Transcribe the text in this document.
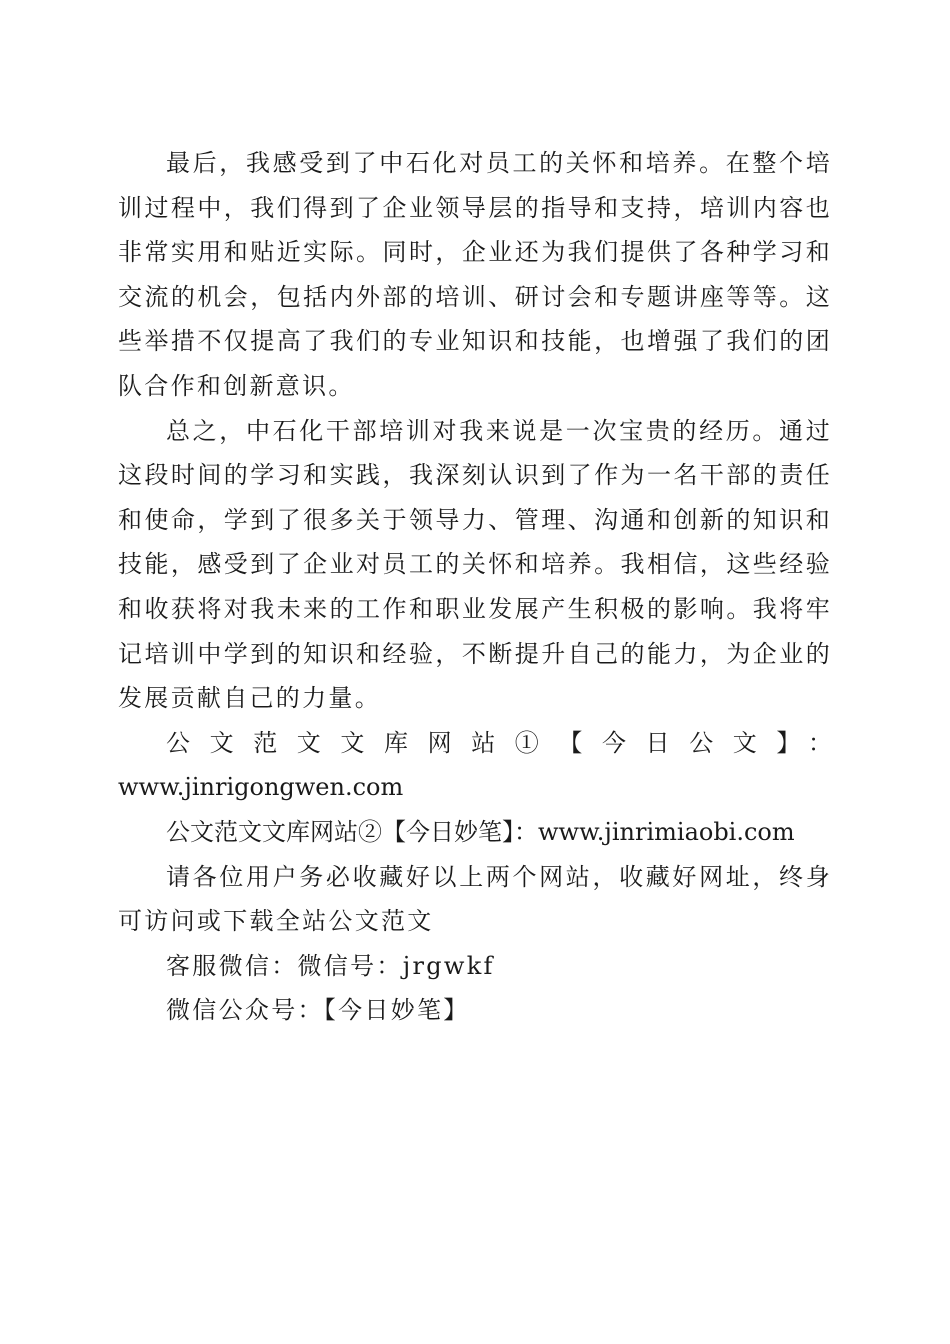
最后，我感受到了中石化对员工的关怀和培养。在整个培训过程中，我们得到了企业领导层的指导和支持，培训内容也非常实用和贴近实际。同时，企业还为我们提供了各种学习和交流的机会，包括内外部的培训、研讨会和专题讲座等等。这些举措不仅提高了我们的专业知识和技能，也增强了我们的团队合作和创新意识。

总之，中石化干部培训对我来说是一次宝贵的经历。通过这段时间的学习和实践，我深刻认识到了作为一名干部的责任和使命，学到了很多关于领导力、管理、沟通和创新的知识和技能，感受到了企业对员工的关怀和培养。我相信，这些经验和收获将对我未来的工作和职业发展产生积极的影响。我将牢记培训中学到的知识和经验，不断提升自己的能力，为企业的发展贡献自己的力量。

公文范文文库网站①【今日公文】：
www.jinrigongwen.com

公文范文文库网站②【今日妙笔】：www.jinrimiaobi.com

请各位用户务必收藏好以上两个网站，收藏好网址，终身可访问或下载全站公文范文

客服微信：微信号：jrgwkf

微信公众号：【今日妙笔】
